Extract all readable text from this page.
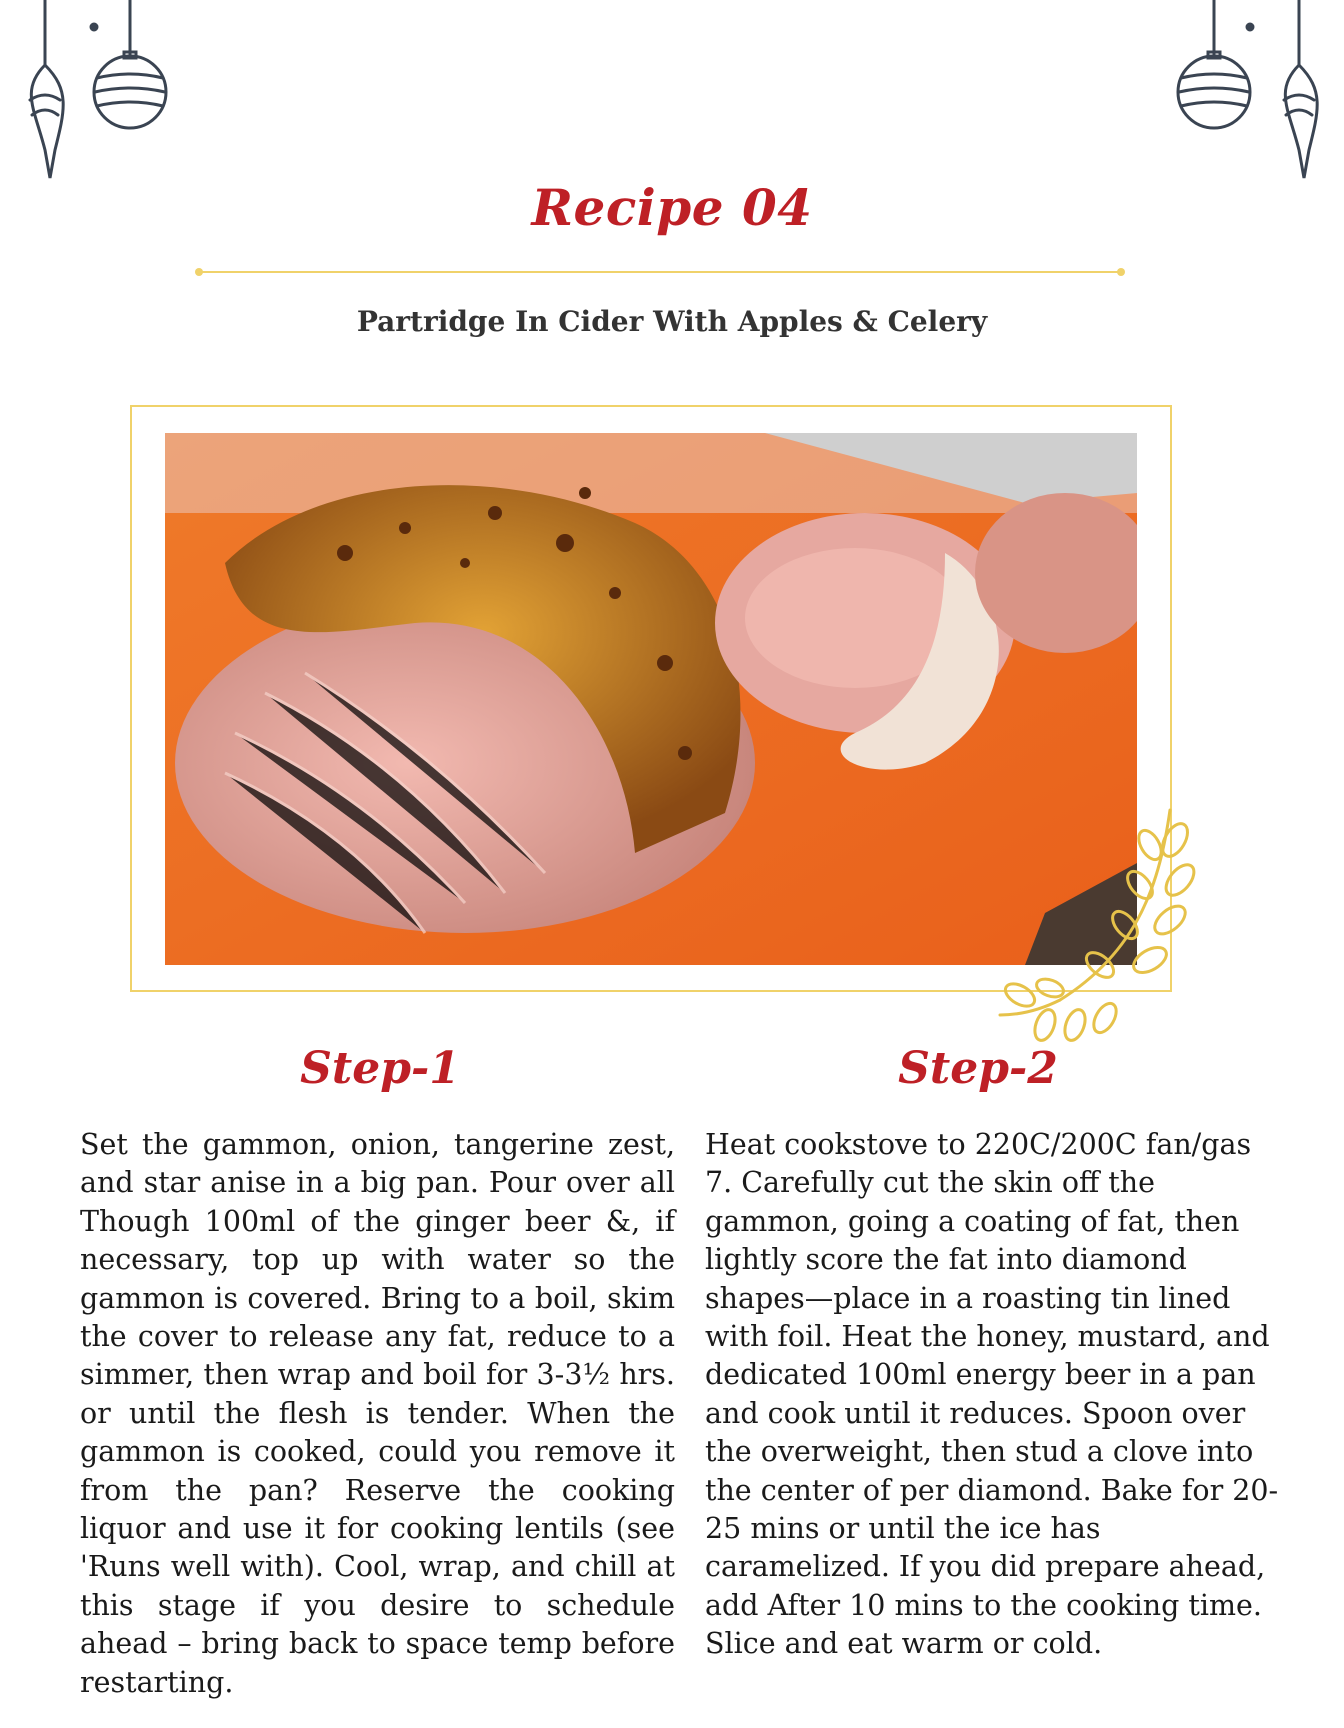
Recipe 04
Partridge In Cider With Apples & Celery
Step-1	Step-2

Set the gammon, onion, tangerine zest, and star anise in a big pan. Pour over all Though 100ml of the ginger beer &, if necessary, top up with water so the gammon is covered. Bring to a boil, skim the cover to release any fat, reduce to a simmer, then wrap and boil for 3-3½ hrs. or until the flesh is tender. When the gammon is cooked, could you remove it from the pan? Reserve the cooking liquor and use it for cooking lentils (see 'Runs well with). Cool, wrap, and chill at this stage if you desire to schedule ahead – bring back to space temp before restarting.

Heat cookstove to 220C/200C fan/gas 7. Carefully cut the skin off the gammon, going a coating of fat, then lightly score the fat into diamond shapes—place in a roasting tin lined with foil. Heat the honey, mustard, and dedicated 100ml energy beer in a pan and cook until it reduces. Spoon over the overweight, then stud a clove into the center of per diamond. Bake for 20-25 mins or until the ice has caramelized. If you did prepare ahead, add After 10 mins to the cooking time. Slice and eat warm or cold.
